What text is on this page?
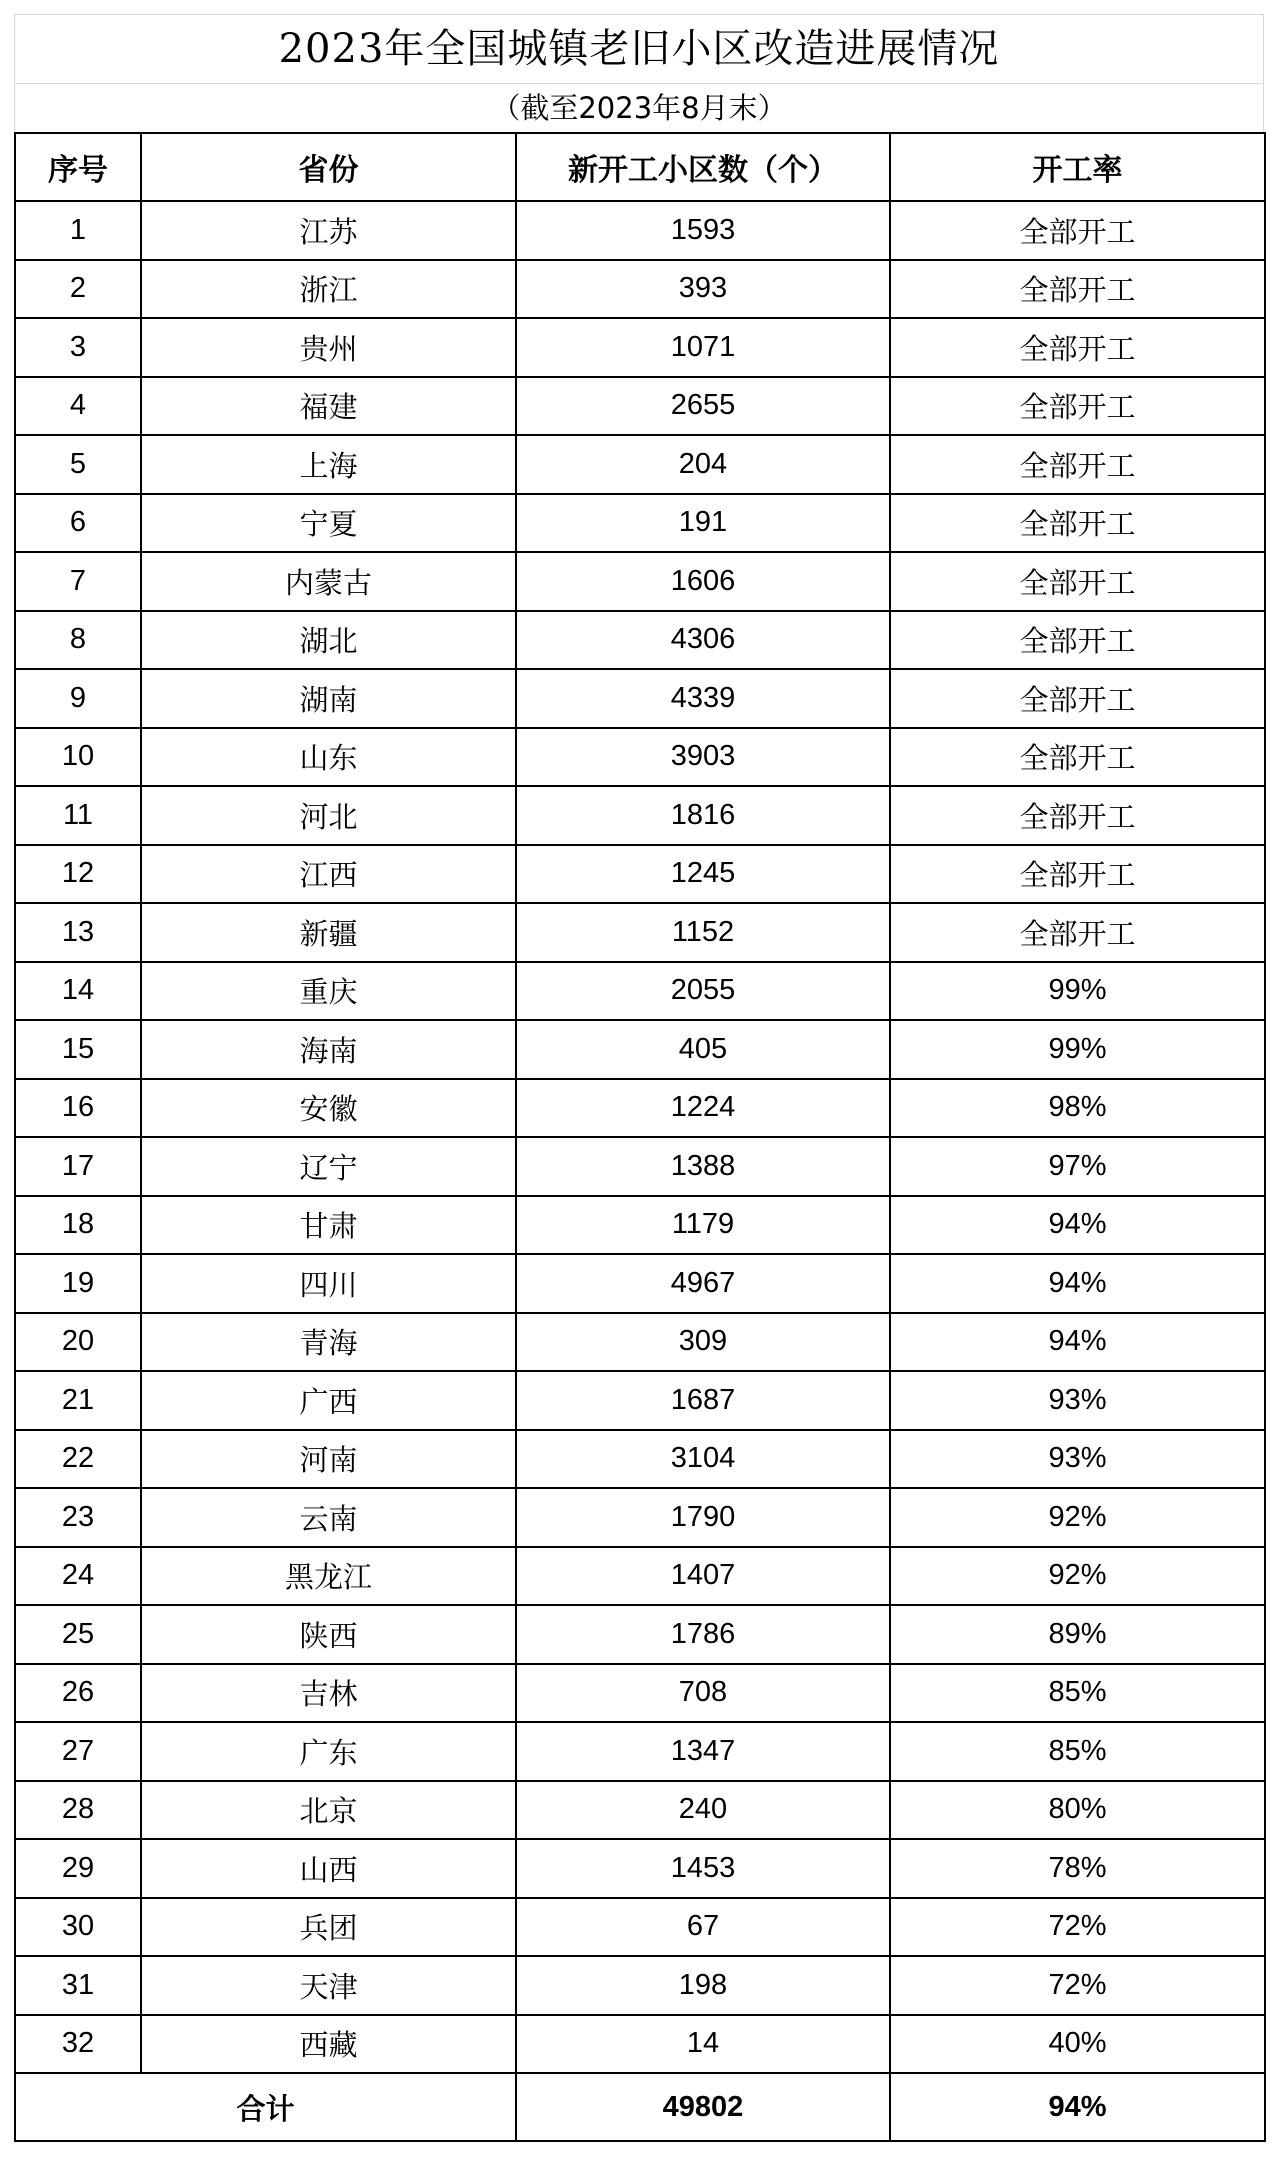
2023年全国城镇老旧小区改造进展情况
（截至2023年8月末）
序号	省份	新开工小区数（个）	开工率
1	江苏	1593	全部开工
2	浙江	393	全部开工
3	贵州	1071	全部开工
4	福建	2655	全部开工
5	上海	204	全部开工
6	宁夏	191	全部开工
7	内蒙古	1606	全部开工
8	湖北	4306	全部开工
9	湖南	4339	全部开工
10	山东	3903	全部开工
11	河北	1816	全部开工
12	江西	1245	全部开工
13	新疆	1152	全部开工
14	重庆	2055	99%
15	海南	405	99%
16	安徽	1224	98%
17	辽宁	1388	97%
18	甘肃	1179	94%
19	四川	4967	94%
20	青海	309	94%
21	广西	1687	93%
22	河南	3104	93%
23	云南	1790	92%
24	黑龙江	1407	92%
25	陕西	1786	89%
26	吉林	708	85%
27	广东	1347	85%
28	北京	240	80%
29	山西	1453	78%
30	兵团	67	72%
31	天津	198	72%
32	西藏	14	40%
合计		49802	94%
